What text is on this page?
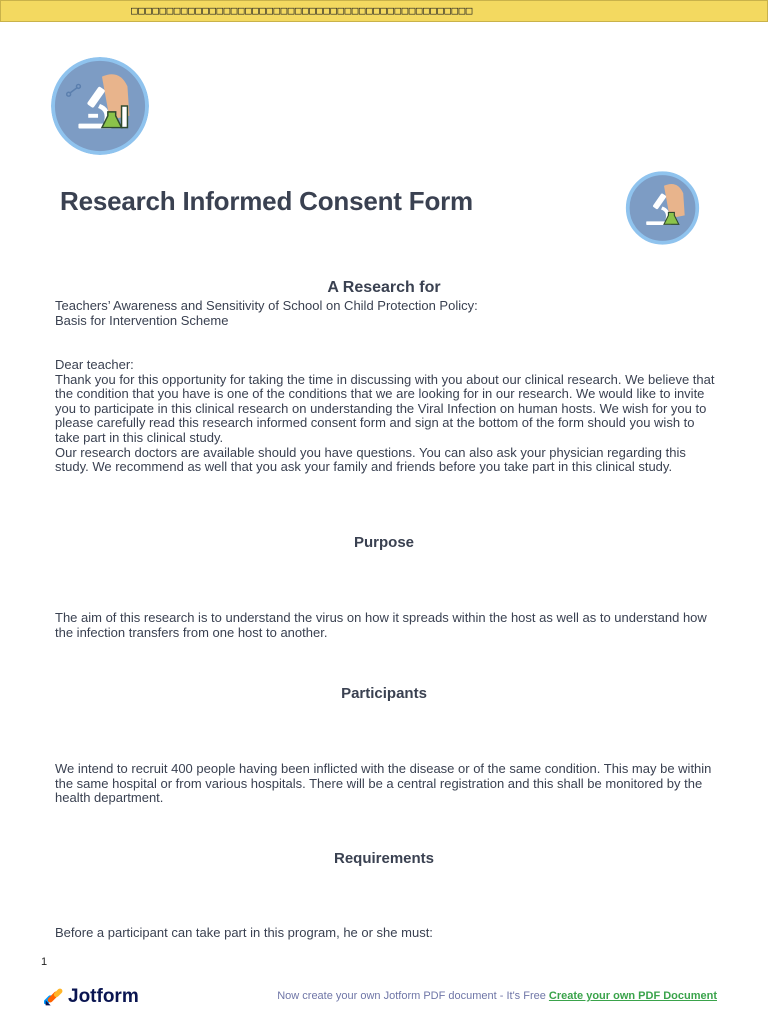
□□□□□□□□□□□□□□□□□□□□□□□□□□□□□□□□□□□□□□□□□□□□□□□□
Research Informed Consent Form
A Research for
Teachers’ Awareness and Sensitivity of School on Child Protection Policy:
Basis for Intervention Scheme
Dear teacher:
Thank you for this opportunity for taking the time in discussing with you about our clinical research. We believe that the condition that you have is one of the conditions that we are looking for in our research. We would like to invite you to participate in this clinical research on understanding the Viral Infection on human hosts. We wish for you to please carefully read this research informed consent form and sign at the bottom of the form should you wish to take part in this clinical study.
Our research doctors are available should you have questions. You can also ask your physician regarding this study. We recommend as well that you ask your family and friends before you take part in this clinical study.
Purpose
The aim of this research is to understand the virus on how it spreads within the host as well as to understand how the infection transfers from one host to another.
Participants
We intend to recruit 400 people having been inflicted with the disease or of the same condition. This may be within the same hospital or from various hospitals. There will be a central registration and this shall be monitored by the health department.
Requirements
Before a participant can take part in this program, he or she must:
1
Jotform	Now create your own Jotform PDF document - It's Free Create your own PDF Document
